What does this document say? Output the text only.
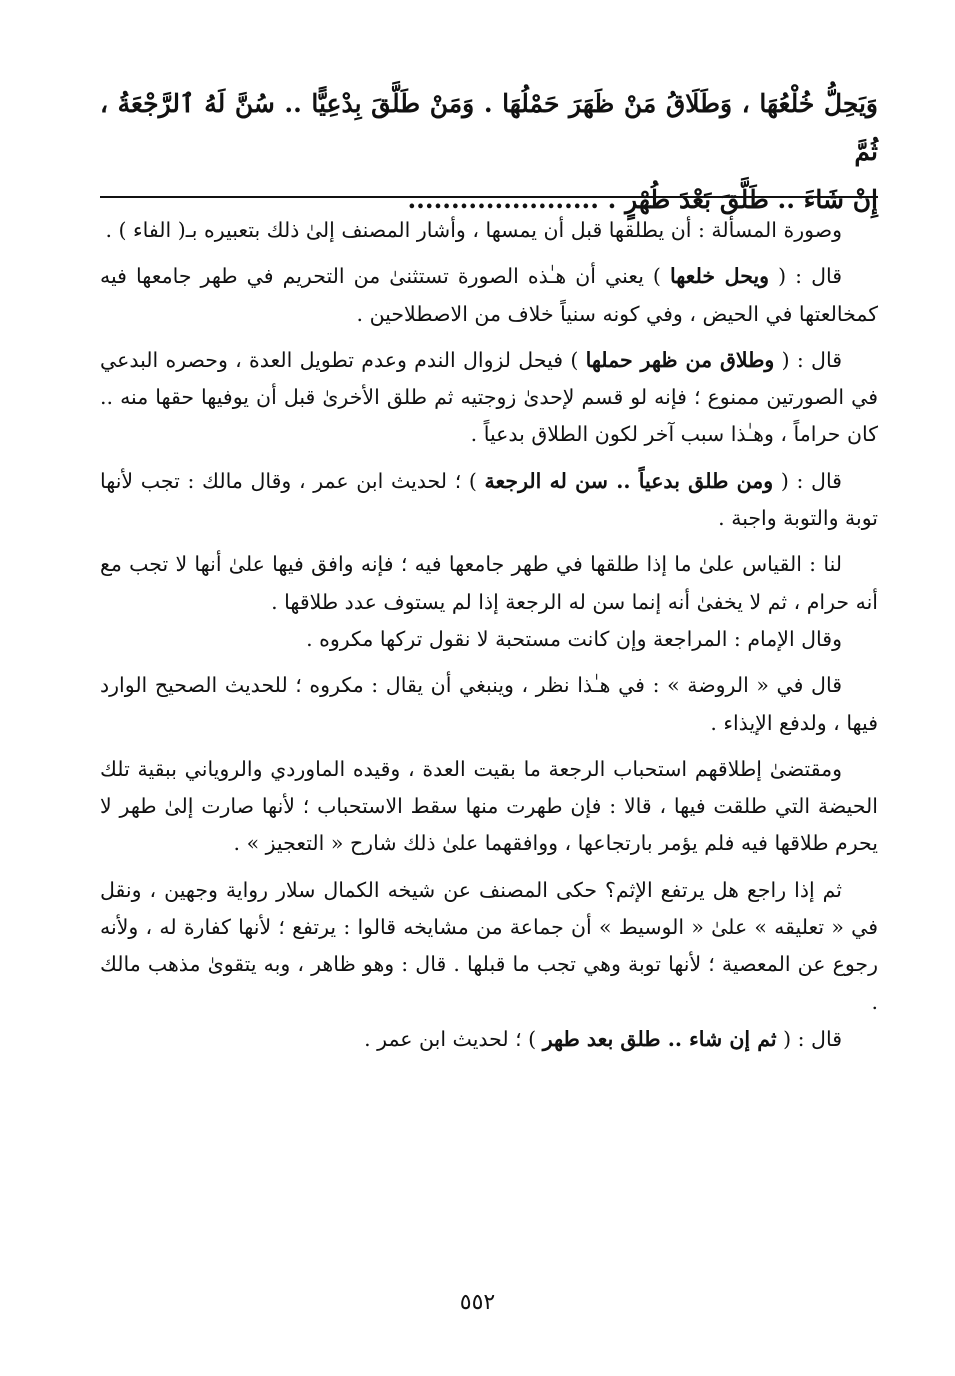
وَيَحِلُّ خُلْعُهَا ، وَطَلَاقُ مَنْ ظَهَرَ حَمْلُهَا . وَمَنْ طَلَّقَ بِدْعِيًّا .. سُنَّ لَهُ ٱلرَّجْعَةُ ، ثُمَّ

إِنْ شَاءَ .. طَلَّقَ بَعْدَ طُهْرٍ . ......................

وصورة المسألة : أن يطلقها قبل أن يمسها ، وأشار المصنف إلىٰ ذلك بتعبيره بـ( الفاء ) .

قال : ( ويحل خلعها ) يعني أن هـٰذه الصورة تستثنىٰ من التحريم في طهر جامعها فيه كمخالعتها في الحيض ، وفي كونه سنياً خلاف من الاصطلاحين .

قال : ( وطلاق من ظهر حملها ) فيحل لزوال الندم وعدم تطويل العدة ، وحصره البدعي في الصورتين ممنوع ؛ فإنه لو قسم لإحدىٰ زوجتيه ثم طلق الأخرىٰ قبل أن يوفيها حقها منه .. كان حراماً ، وهـٰذا سبب آخر لكون الطلاق بدعياً .

قال : ( ومن طلق بدعياً .. سن له الرجعة ) ؛ لحديث ابن عمر ، وقال مالك : تجب لأنها توبة والتوبة واجبة .

لنا : القياس علىٰ ما إذا طلقها في طهر جامعها فيه ؛ فإنه وافق فيها علىٰ أنها لا تجب مع أنه حرام ، ثم لا يخفىٰ أنه إنما سن له الرجعة إذا لم يستوف عدد طلاقها .

وقال الإمام : المراجعة وإن كانت مستحبة لا نقول تركها مكروه .

قال في « الروضة » : في هـٰذا نظر ، وينبغي أن يقال : مكروه ؛ للحديث الصحيح الوارد فيها ، ولدفع الإيذاء .

ومقتضىٰ إطلاقهم استحباب الرجعة ما بقيت العدة ، وقيده الماوردي والروياني ببقية تلك الحيضة التي طلقت فيها ، قالا : فإن طهرت منها سقط الاستحباب ؛ لأنها صارت إلىٰ طهر لا يحرم طلاقها فيه فلم يؤمر بارتجاعها ، ووافقهما علىٰ ذلك شارح « التعجيز » .

ثم إذا راجع هل يرتفع الإثم؟ حكى المصنف عن شيخه الكمال سلار رواية وجهين ، ونقل في « تعليقه » علىٰ « الوسيط » أن جماعة من مشايخه قالوا : يرتفع ؛ لأنها كفارة له ، ولأنه رجوع عن المعصية ؛ لأنها توبة وهي تجب ما قبلها . قال : وهو ظاهر ، وبه يتقوىٰ مذهب مالك .

قال : ( ثم إن شاء .. طلق بعد طهر ) ؛ لحديث ابن عمر .

٥٥٢
